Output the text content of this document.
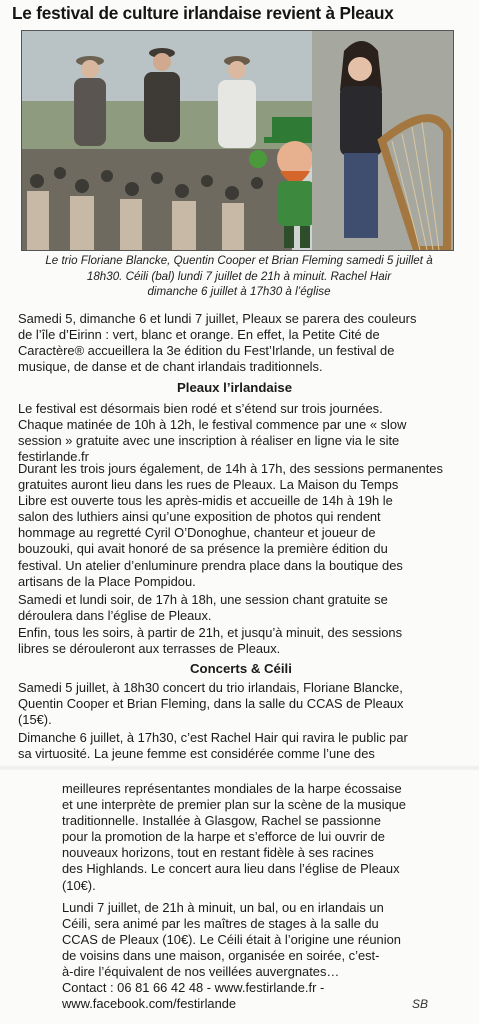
Le festival de culture irlandaise revient à Pleaux
Le trio Floriane Blancke, Quentin Cooper et Brian Fleming samedi 5 juillet à
18h30. Céili (bal) lundi 7 juillet de 21h à minuit. Rachel Hair
dimanche 6 juillet à 17h30 à l’église
Samedi 5, dimanche 6 et lundi 7 juillet, Pleaux se parera des couleurs
de l’île d’Eirinn : vert, blanc et orange. En effet, la Petite Cité de
Caractère® accueillera la 3e édition du Fest’Irlande, un festival de
musique, de danse et de chant irlandais traditionnels.
Pleaux l’irlandaise
Le festival est désormais bien rodé et s’étend sur trois journées.
Chaque matinée de 10h à 12h, le festival commence par une « slow
session » gratuite avec une inscription à réaliser en ligne via le site
festirlande.fr
Durant les trois jours également, de 14h à 17h, des sessions permanentes
gratuites auront lieu dans les rues de Pleaux. La Maison du Temps
Libre est ouverte tous les après-midis et accueille de 14h à 19h le
salon des luthiers ainsi qu’une exposition de photos qui rendent
hommage au regretté Cyril O’Donoghue, chanteur et joueur de
bouzouki, qui avait honoré de sa présence la première édition du
festival. Un atelier d’enluminure prendra place dans la boutique des
artisans de la Place Pompidou.
Samedi et lundi soir, de 17h à 18h, une session chant gratuite se
déroulera dans l’église de Pleaux.
Enfin, tous les soirs, à partir de 21h, et jusqu’à minuit, des sessions
libres se dérouleront aux terrasses de Pleaux.
Concerts & Céili
Samedi 5 juillet, à 18h30 concert du trio irlandais, Floriane Blancke,
Quentin Cooper et Brian Fleming, dans la salle du CCAS de Pleaux
(15€).
Dimanche 6 juillet, à 17h30, c’est Rachel Hair qui ravira le public par
sa virtuosité. La jeune femme est considérée comme l’une des
meilleures représentantes mondiales de la harpe écossaise
et une interprète de premier plan sur la scène de la musique
traditionnelle. Installée à Glasgow, Rachel se passionne
pour la promotion de la harpe et s’efforce de lui ouvrir de
nouveaux horizons, tout en restant fidèle à ses racines
des Highlands. Le concert aura lieu dans l’église de Pleaux
(10€).
Lundi 7 juillet, de 21h à minuit, un bal, ou en irlandais un
Céili, sera animé par les maîtres de stages à la salle du
CCAS de Pleaux (10€). Le Céili était à l’origine une réunion
de voisins dans une maison, organisée en soirée, c’est-
à-dire l’équivalent de nos veillées auvergnates…
Contact : 06 81 66 42 48 - www.festirlande.fr -
www.facebook.com/festirlande	SB
